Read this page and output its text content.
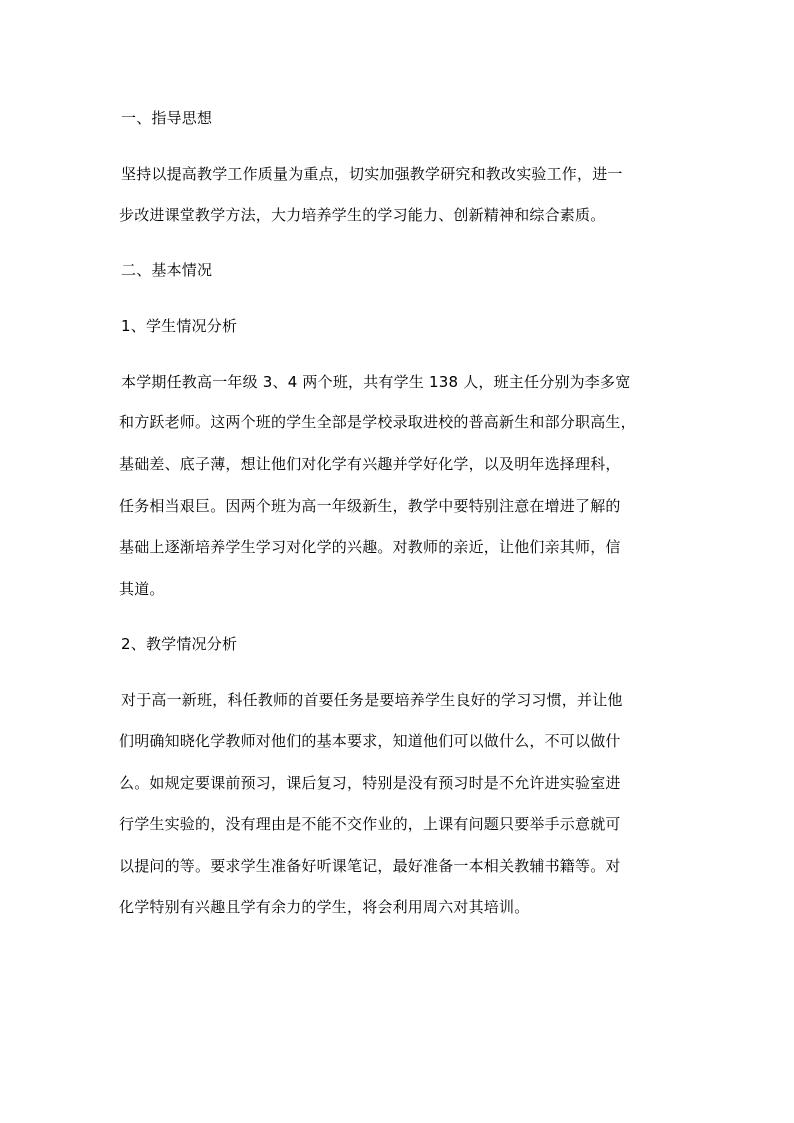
一、指导思想
坚持以提高教学工作质量为重点，切实加强教学研究和教改实验工作，进一
步改进课堂教学方法，大力培养学生的学习能力、创新精神和综合素质。
二、基本情况
1、学生情况分析
本学期任教高一年级 3、4 两个班，共有学生 138 人，班主任分别为李多宽
和方跃老师。这两个班的学生全部是学校录取进校的普高新生和部分职高生，
基础差、底子薄，想让他们对化学有兴趣并学好化学，以及明年选择理科，
任务相当艰巨。因两个班为高一年级新生，教学中要特别注意在增进了解的
基础上逐渐培养学生学习对化学的兴趣。对教师的亲近，让他们亲其师，信
其道。
2、教学情况分析
对于高一新班，科任教师的首要任务是要培养学生良好的学习习惯，并让他
们明确知晓化学教师对他们的基本要求，知道他们可以做什么，不可以做什
么。如规定要课前预习，课后复习，特别是没有预习时是不允许进实验室进
行学生实验的，没有理由是不能不交作业的，上课有问题只要举手示意就可
以提问的等。要求学生准备好听课笔记，最好准备一本相关教辅书籍等。对
化学特别有兴趣且学有余力的学生，将会利用周六对其培训。
